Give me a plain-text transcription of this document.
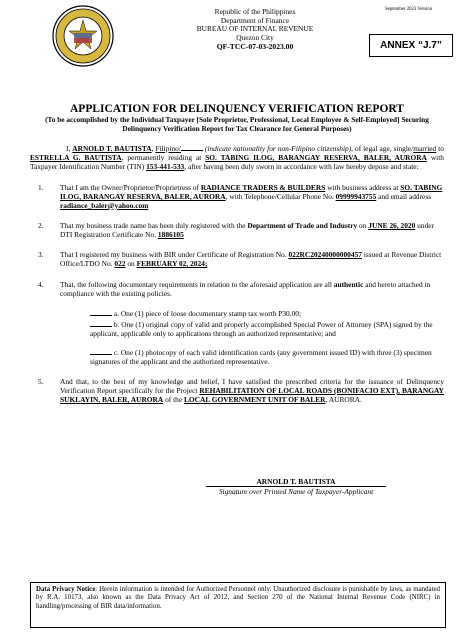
Republic of the Philippines
Department of Finance
BUREAU OF INTERNAL REVENUE
Quezon City
QF-TCC-07-03-2023.00
September 2023 Version
ANNEX “J.7”
APPLICATION FOR DELINQUENCY VERIFICATION REPORT
(To be accomplished by the Individual Taxpayer [Sole Proprietor, Professional, Local Employee & Self-Employed] Securing Delinquency Verification Report for Tax Clearance for General Purposes)
I, ARNOLD T. BAUTISTA, Filipino/	(indicate nationality for non-Filipino citizenship), of legal age, single/married to ESTRELLA G. BAUTISTA, permanently residing at SO. TABING ILOG, BARANGAY RESERVA, BALER, AURORA with Taxpayer Identification Number (TIN) 153-441-533, after having been duly sworn in accordance with law hereby depose and state:
1. That I am the Owner/Proprietor/Proprietress of RADIANCE TRADERS & BUILDERS with business address at SO. TABING ILOG, BARANGAY RESERVA, BALER, AURORA, with Telephone/Cellular Phone No. 09999943755 and email address radiance_baler@yahoo.com
2. That my business trade name has been duly registered with the Department of Trade and Industry on JUNE 26, 2020 under DTI Registration Certificate No. 1886105
3. That I registered my business with BIR under Certificate of Registration No. 022RC20240000000457 issued at Revenue District Office/LTDO No. 022 on FEBRUARY 02, 2024;
4. That, the following documentary requirements in relation to the aforesaid application are all authentic and hereto attached in compliance with the existing policies.
a. One (1) piece of loose documentary stamp tax worth P30.00;
b. One (1) original copy of valid and properly accomplished Special Power of Attorney (SPA) signed by the applicant, applicable only to applications through an authorized representative; and
c. One (1) photocopy of each valid identification cards (any government issued ID) with three (3) specimen signatures of the applicant and the authorized representative.
5. And that, to the best of my knowledge and belief, I have satisfied the prescribed criteria for the issuance of Delinquency Verification Report specifically for the Project REHABILITATION OF LOCAL ROADS (BONIFACIO EXT), BARANGAY SUKLAYIN, BALER, AURORA of the LOCAL GOVERNMENT UNIT OF BALER, AURORA.
ARNOLD T. BAUTISTA
Signature over Printed Name of Taxpayer-Applicant
Data Privacy Notice: Herein information is intended for Authorized Personnel only. Unauthorized disclosure is punishable by laws, as mandated by R.A. 10173, also known as the Data Privacy Act of 2012, and Section 270 of the National Internal Revenue Code (NIRC) in handling/processing of BIR data/information.
